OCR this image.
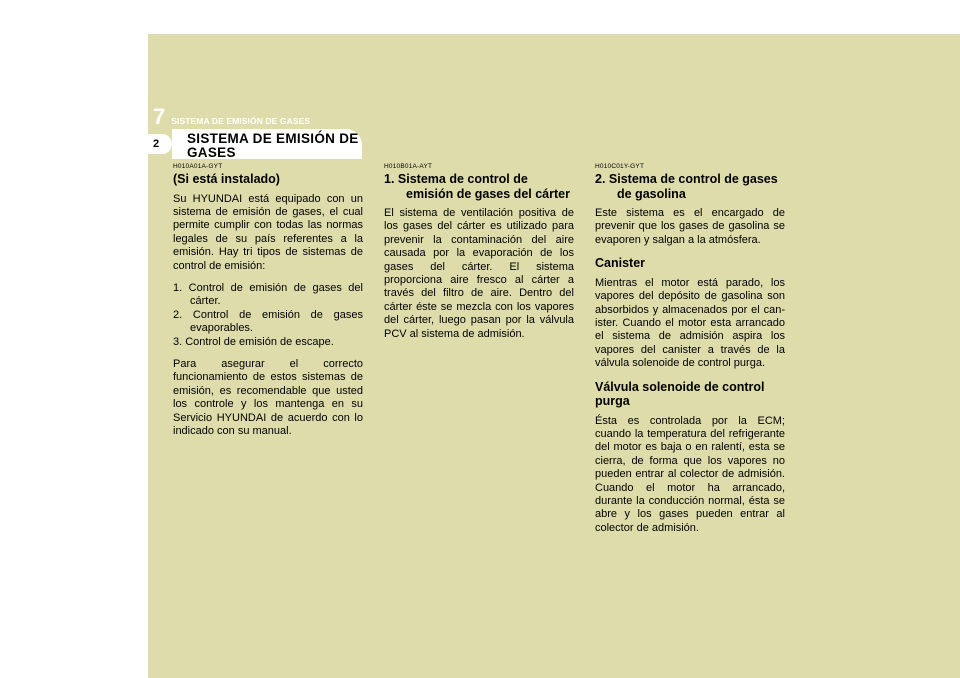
7 SISTEMA DE EMISIÓN DE GASES
2	SISTEMA DE EMISIÓN DE
GASES
H010A01A-GYT
(Si está instalado)

Su HYUNDAI está equipado con un sistema de emisión de gases, el cual permite cumplir con todas las normas legales de su país referentes a la emisión. Hay tri tipos de sistemas de control de emisión:

1. Control de emisión de gases del cárter.
2. Control de emisión de gases evaporables.
3. Control de emisión de escape.

Para asegurar el correcto funcionamiento de estos sistemas de emisión, es recomendable que usted los controle y los mantenga en su Servicio HYUNDAI de acuerdo con lo indicado con su manual.

H010B01A-AYT
1. Sistema de control de emisión de gases del cárter

El sistema de ventilación positiva de los gases del cárter es utilizado para prevenir la contaminación del aire causada por la evaporación de los gases del cárter. El sistema proporciona aire fresco al cárter a través del filtro de aire. Dentro del cárter éste se mezcla con los vapores del cárter, luego pasan por la válvula PCV al sistema de admisión.

H010C01Y-GYT
2. Sistema de control de gases de gasolina

Este sistema es el encargado de prevenir que los gases de gasolina se evaporen y salgan a la atmósfera.

Canister

Mientras el motor está parado, los vapores del depósito de gasolina son absorbidos y almacenados por el can- ister. Cuando el motor esta arrancado el sistema de admisión aspira los vapores del canister a través de la válvula solenoide de control purga.

Válvula solenoide de control purga

Ésta es controlada por la ECM; cuando la temperatura del refrigerante del motor es baja o en ralentí, esta se cierra, de forma que los vapores no pueden entrar al colector de admisión. Cuando el motor ha arrancado, durante la conducción normal, ésta se abre y los gases pueden entrar al colector de admisión.
